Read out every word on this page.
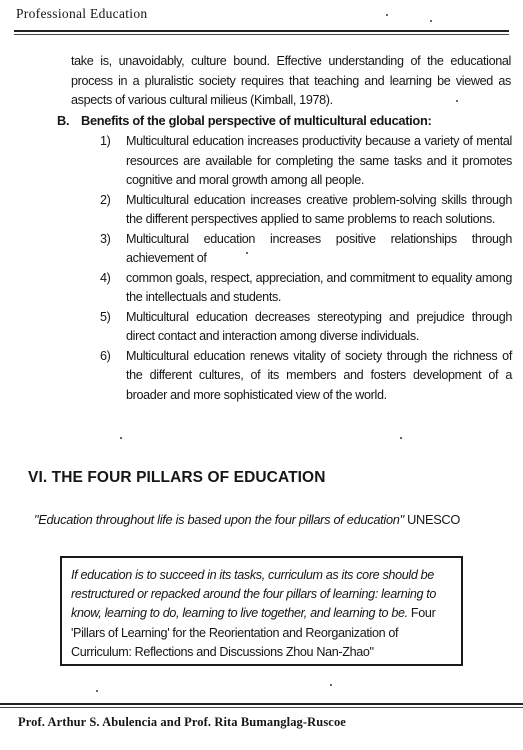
Professional Education
take is, unavoidably, culture bound. Effective understanding of the educational process in a pluralistic society requires that teaching and learning be viewed as aspects of various cultural milieus (Kimball, 1978).
B. Benefits of the global perspective of multicultural education:
1) Multicultural education increases productivity because a variety of mental resources are available for completing the same tasks and it promotes cognitive and moral growth among all people.
2) Multicultural education increases creative problem-solving skills through the different perspectives applied to same problems to reach solutions.
3) Multicultural education increases positive relationships through achievement of
4) common goals, respect, appreciation, and commitment to equality among the intellectuals and students.
5) Multicultural education decreases stereotyping and prejudice through direct contact and interaction among diverse individuals.
6) Multicultural education renews vitality of society through the richness of the different cultures, of its members and fosters development of a broader and more sophisticated view of the world.
VI. THE FOUR PILLARS OF EDUCATION
"Education throughout life is based upon the four pillars of education" UNESCO
If education is to succeed in its tasks, curriculum as its core should be restructured or repacked around the four pillars of learning: learning to know, learning to do, learning to live together, and learning to be. Four 'Pillars of Learning' for the Reorientation and Reorganization of Curriculum: Reflections and Discussions Zhou Nan-Zhao"
Prof. Arthur S. Abulencia and Prof. Rita Bumanglag-Ruscoe
